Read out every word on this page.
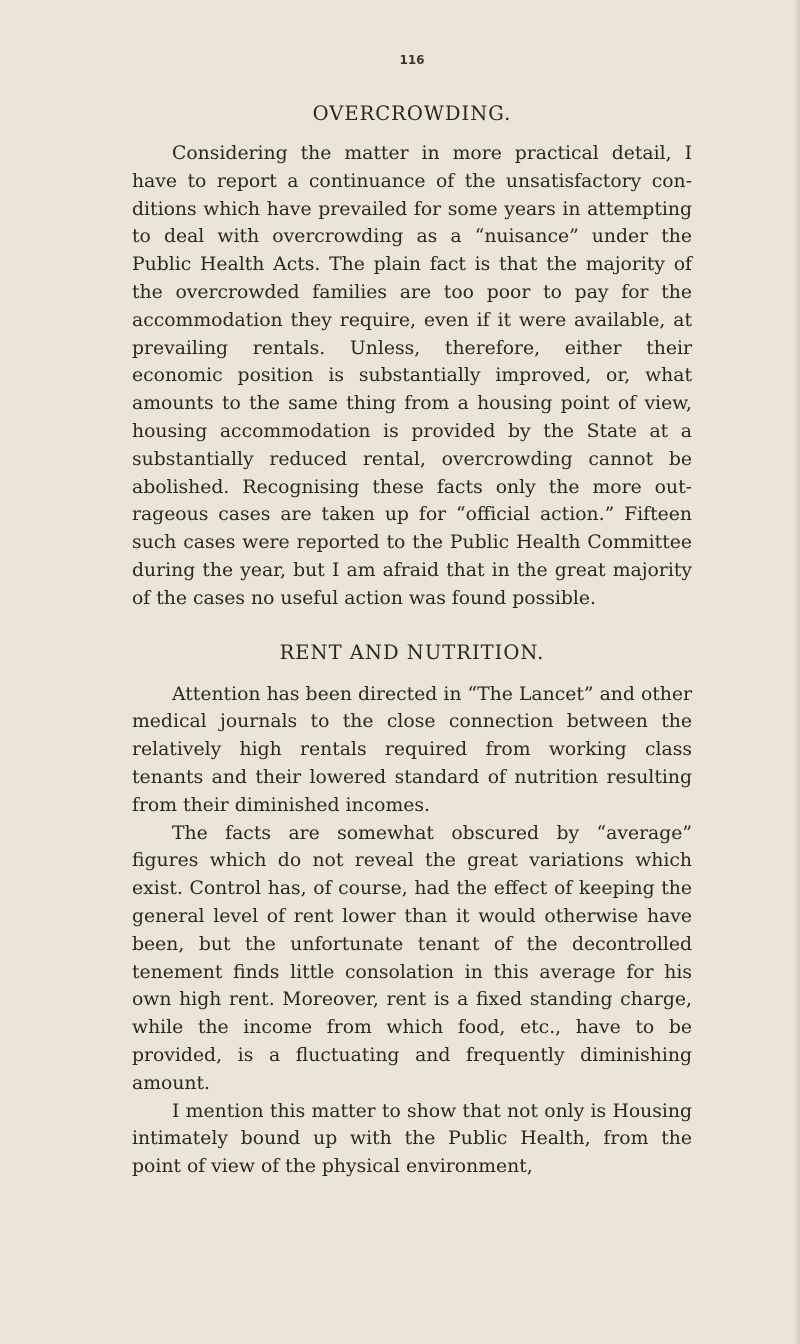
116
OVERCROWDING.

Considering the matter in more practical detail, I have to report a continuance of the unsatisfactory conditions which have prevailed for some years in attempting to deal with overcrowding as a “nuisance” under the Public Health Acts. The plain fact is that the majority of the overcrowded families are too poor to pay for the accommodation they require, even if it were available, at prevailing rentals. Unless, therefore, either their economic position is substantially improved, or, what amounts to the same thing from a housing point of view, housing accommodation is provided by the State at a substantially reduced rental, overcrowding cannot be abolished. Recognising these facts only the more outrageous cases are taken up for “official action.” Fifteen such cases were reported to the Public Health Committee during the year, but I am afraid that in the great majority of the cases no useful action was found possible.

RENT AND NUTRITION.

Attention has been directed in “The Lancet” and other medical journals to the close connection between the relatively high rentals required from working class tenants and their lowered standard of nutrition resulting from their diminished incomes.

The facts are somewhat obscured by “average” figures which do not reveal the great variations which exist. Control has, of course, had the effect of keeping the general level of rent lower than it would otherwise have been, but the unfortunate tenant of the decontrolled tenement finds little consolation in this average for his own high rent. Moreover, rent is a fixed standing charge, while the income from which food, etc., have to be provided, is a fluctuating and frequently diminishing amount.

I mention this matter to show that not only is Housing intimately bound up with the Public Health, from the point of view of the physical environment,
